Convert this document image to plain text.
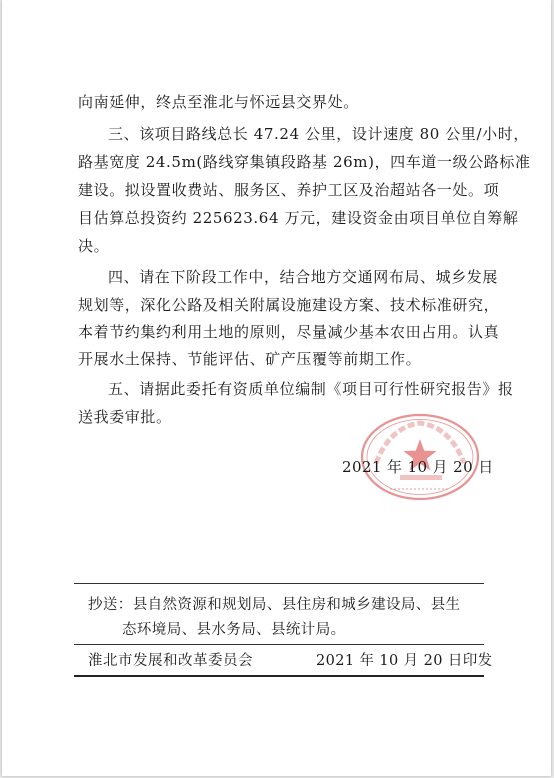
向南延伸，终点至淮北与怀远县交界处。
三、该项目路线总长 47.24 公里，设计速度 80 公里/小时，
路基宽度 24.5m(路线穿集镇段路基 26m)，四车道一级公路标准
建设。拟设置收费站、服务区、养护工区及治超站各一处。项
目估算总投资约 225623.64 万元，建设资金由项目单位自筹解
决。
四、请在下阶段工作中，结合地方交通网布局、城乡发展
规划等，深化公路及相关附属设施建设方案、技术标准研究，
本着节约集约利用土地的原则，尽量减少基本农田占用。认真
开展水土保持、节能评估、矿产压覆等前期工作。
五、请据此委托有资质单位编制《项目可行性研究报告》报
送我委审批。
2021 年 10 月 20 日
抄送：县自然资源和规划局、县住房和城乡建设局、县生
态环境局、县水务局、县统计局。
淮北市发展和改革委员会	2021 年 10 月 20 日印发
